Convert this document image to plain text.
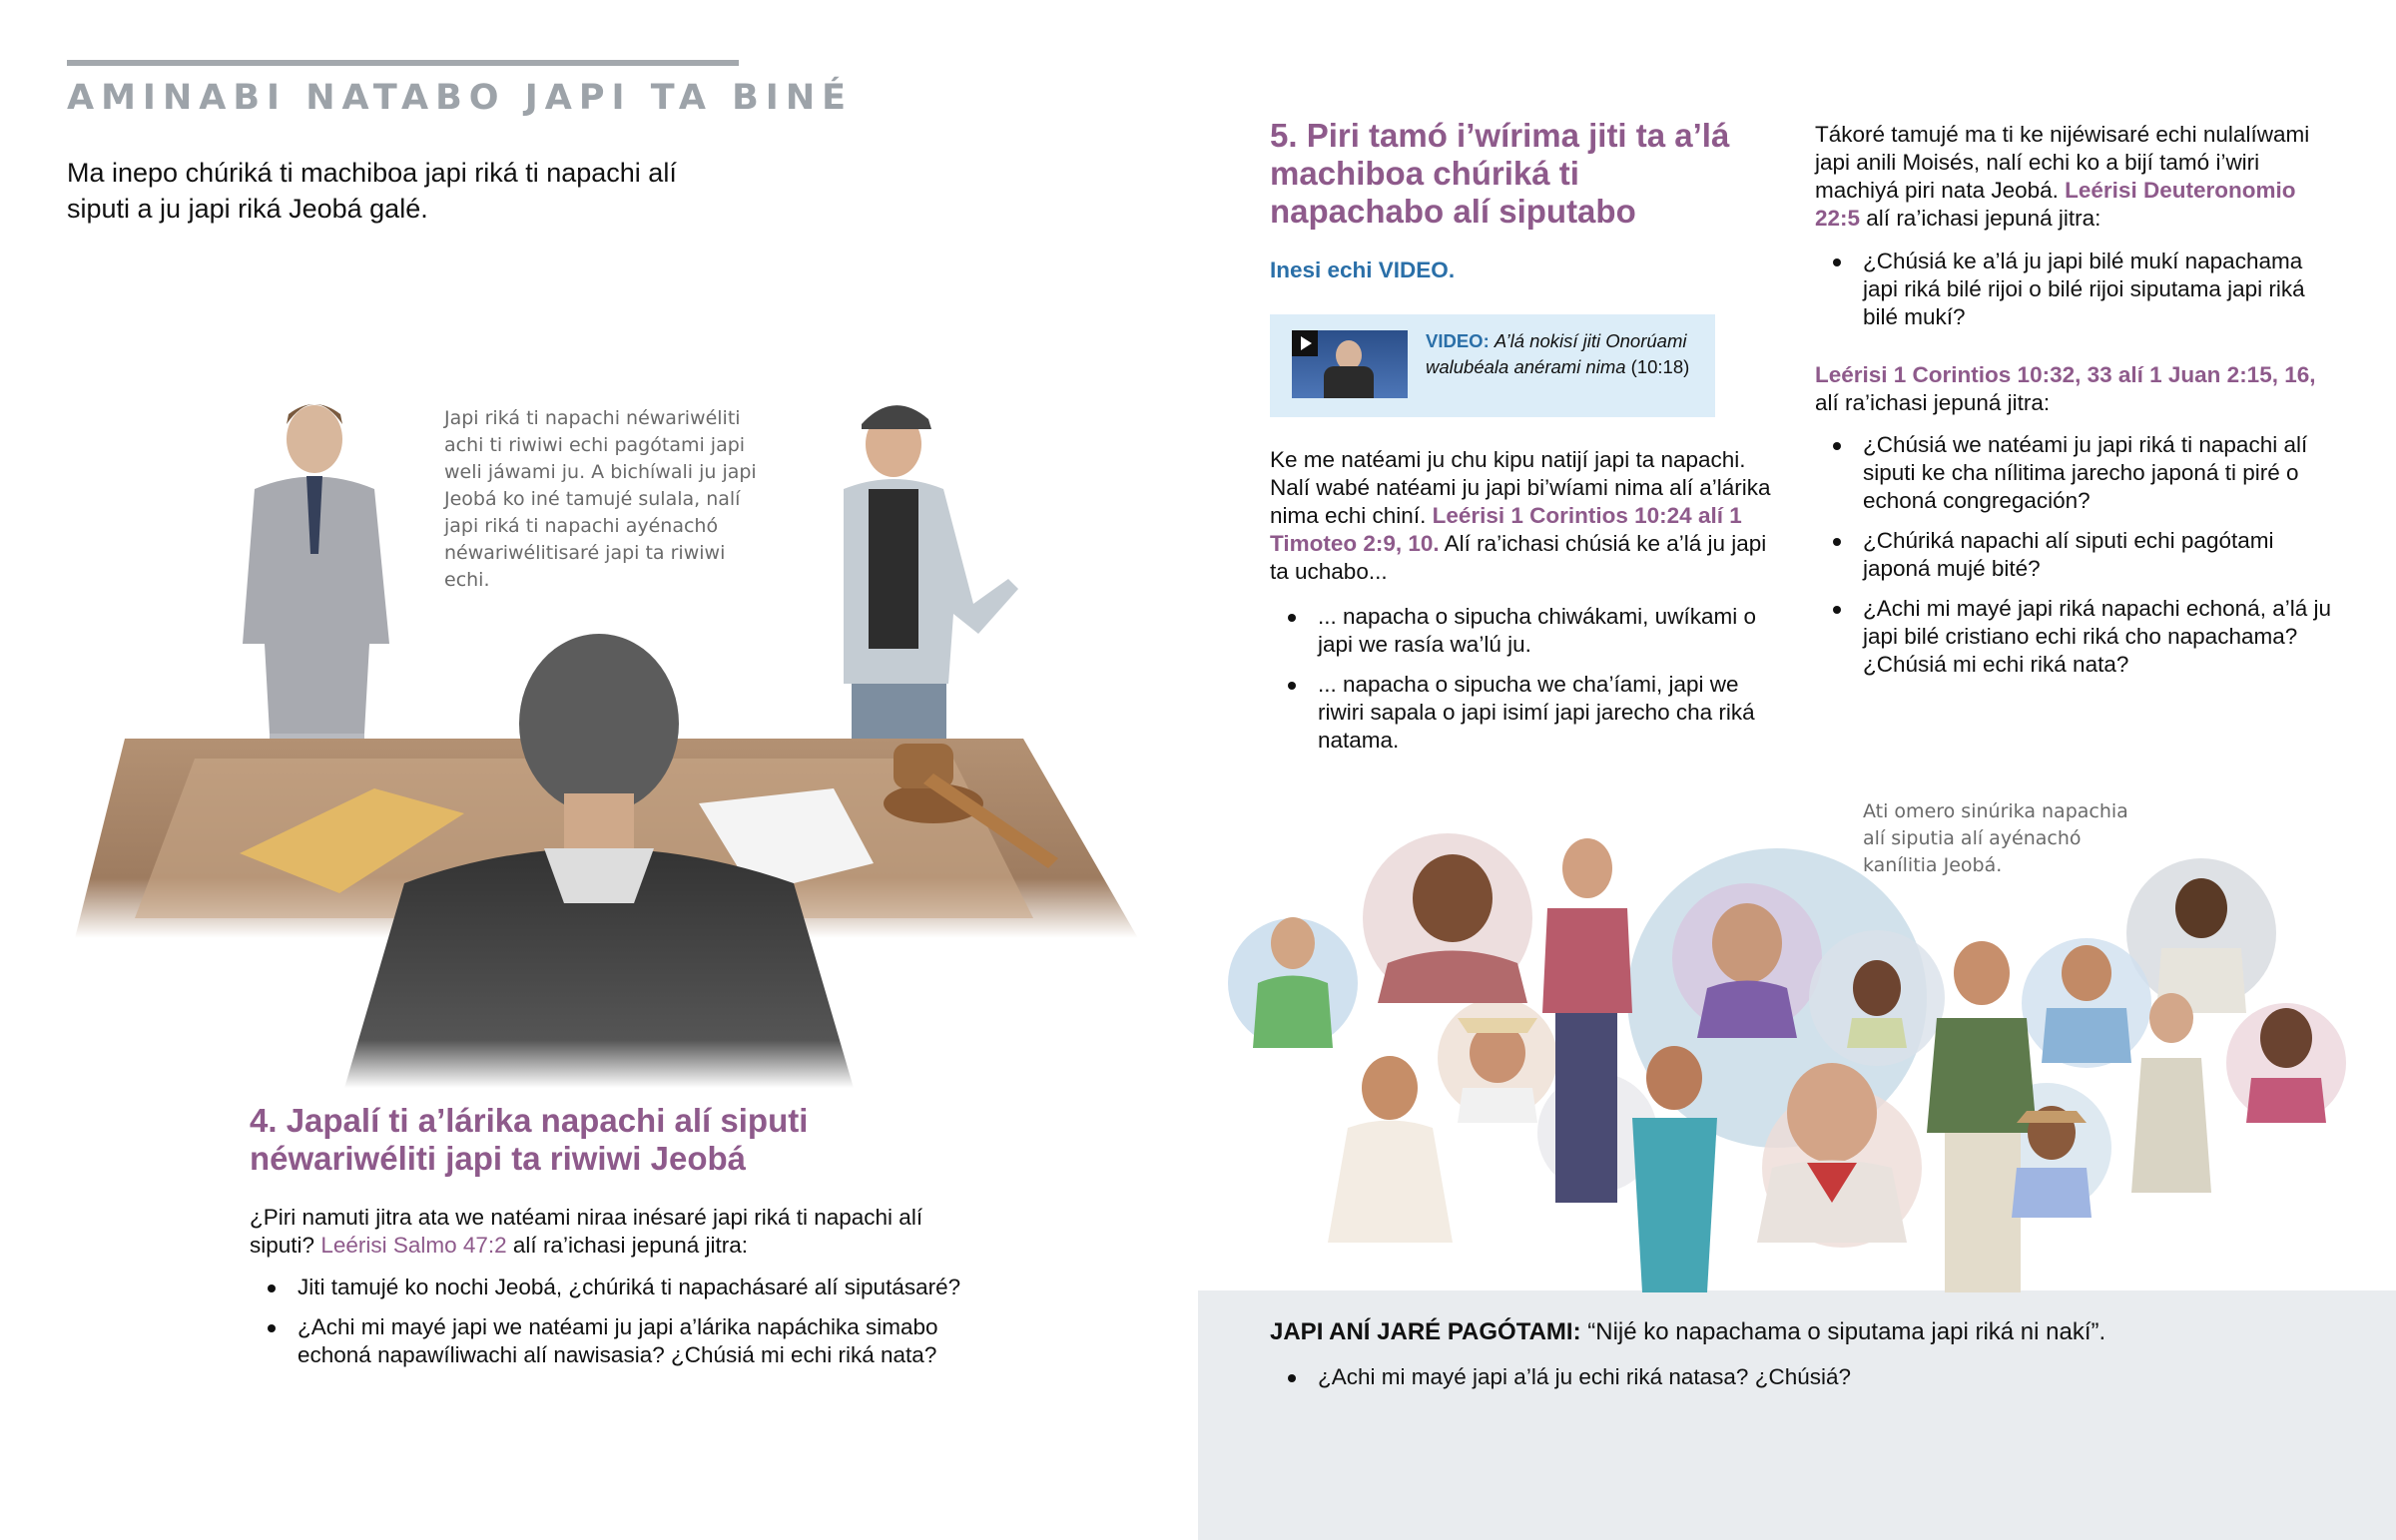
AMINABI NATABO JAPI TA BINÉ
Ma inepo chúriká ti machiboa japi riká ti napachi alí siputi a ju japi riká Jeobá galé.
Japi riká ti napachi néwariwéliti achi ti riwiwi echi pagótami japi weli jáwami ju. A bichíwali ju japi Jeobá ko iné tamujé sulala, nalí japi riká ti napachi ayénachó néwariwélitisaré japi ta riwiwi echi.
4. Japalí ti a’lárika napachi alí siputi néwariwéliti japi ta riwiwi Jeobá
¿Piri namuti jitra ata we natéami niraa inésaré japi riká ti napachi alí siputi? Leérisi Salmo 47:2 alí ra’ichasi jepuná jitra:
Jiti tamujé ko nochi Jeobá, ¿chúriká ti napachásaré alí siputásaré?
¿Achi mi mayé japi we natéami ju japi a’lárika napáchika simabo echoná napawíliwachi alí nawisasia? ¿Chúsiá mi echi riká nata?
5. Piri tamó i’wírima jiti ta a’lá machiboa chúriká ti napachabo alí siputabo
Inesi echi VIDEO.
VIDEO: A’lá nokisí jiti Onorúami walubéala anérami nima (10:18)
Ke me natéami ju chu kipu natijí japi ta napachi. Nalí wabé natéami ju japi bi’wíami nima alí a’lárika nima echi chiní. Leérisi 1 Corintios 10:24 alí 1 Timoteo 2:9, 10. Alí ra’ichasi chúsiá ke a’lá ju japi ta uchabo...
... napacha o sipucha chiwákami, uwíkami o japi we rasía wa’lú ju.
... napacha o sipucha we cha’íami, japi we riwiri sapala o japi isimí japi jarecho cha riká natama.
Tákoré tamujé ma ti ke nijéwisaré echi nulalíwami japi anili Moisés, nalí echi ko a bijí tamó i’wiri machiyá piri nata Jeobá. Leérisi Deuteronomio 22:5 alí ra’ichasi jepuná jitra:
¿Chúsiá ke a’lá ju japi bilé mukí napachama japi riká bilé rijoi o bilé rijoi siputama japi riká bilé mukí?
Leérisi 1 Corintios 10:32, 33 alí 1 Juan 2:15, 16,
alí ra’ichasi jepuná jitra:
¿Chúsiá we natéami ju japi riká ti napachi alí siputi ke cha nílitima jarecho japoná ti piré o echoná congregación?
¿Chúriká napachi alí siputi echi pagótami japoná mujé bité?
¿Achi mi mayé japi riká napachi echoná, a’lá ju japi bilé cristiano echi riká cho napachama? ¿Chúsiá mi echi riká nata?
Ati omero sinúrika napachia alí siputia alí ayénachó kanílitia Jeobá.
JAPI ANÍ JARÉ PAGÓTAMI: “Nijé ko napachama o siputama japi riká ni nakí”.
¿Achi mi mayé japi a’lá ju echi riká natasa? ¿Chúsiá?
